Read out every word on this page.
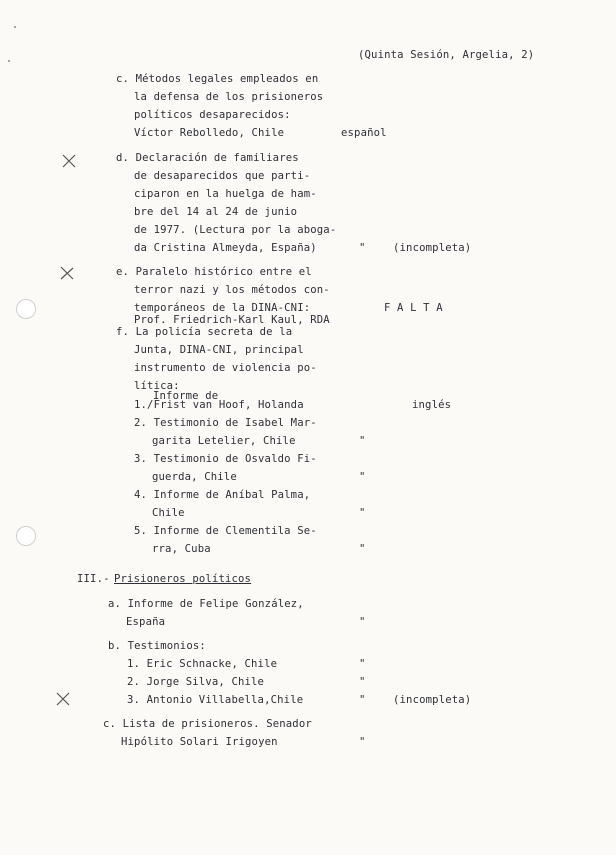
(Quinta Sesión, Argelia, 2)
c. Métodos legales empleados en
la defensa de los prisioneros
políticos desaparecidos:
Víctor Rebolledo, Chile	español
d. Declaración de familiares
de desaparecidos que parti-
ciparon en la huelga de ham-
bre del 14 al 24 de junio
de 1977. (Lectura por la aboga-
da Cristina Almeyda, España)	"	(incompleta)
e. Paralelo histórico entre el
terror nazi y los métodos con-
temporáneos de la DINA-CNI:	F A L T A
Prof. Friedrich-Karl Kaul, RDA
f. La policía secreta de la
Junta, DINA-CNI, principal
instrumento de violencia po-
lítica:
Informe de
1./Frist van Hoof, Holanda	inglés
2. Testimonio de Isabel Mar-
garita Letelier, Chile	"
3. Testimonio de Osvaldo Fi-
guerda, Chile	"
4. Informe de Aníbal Palma,
Chile	"
5. Informe de Clementila Se-
rra, Cuba	"
III.- Prisioneros políticos
a. Informe de Felipe González,
España	"
b. Testimonios:
1. Eric Schnacke, Chile	"
2. Jorge Silva, Chile	"
3. Antonio Villabella,Chile	"	(incompleta)
c. Lista de prisioneros. Senador
Hipólito Solari Irigoyen	"
